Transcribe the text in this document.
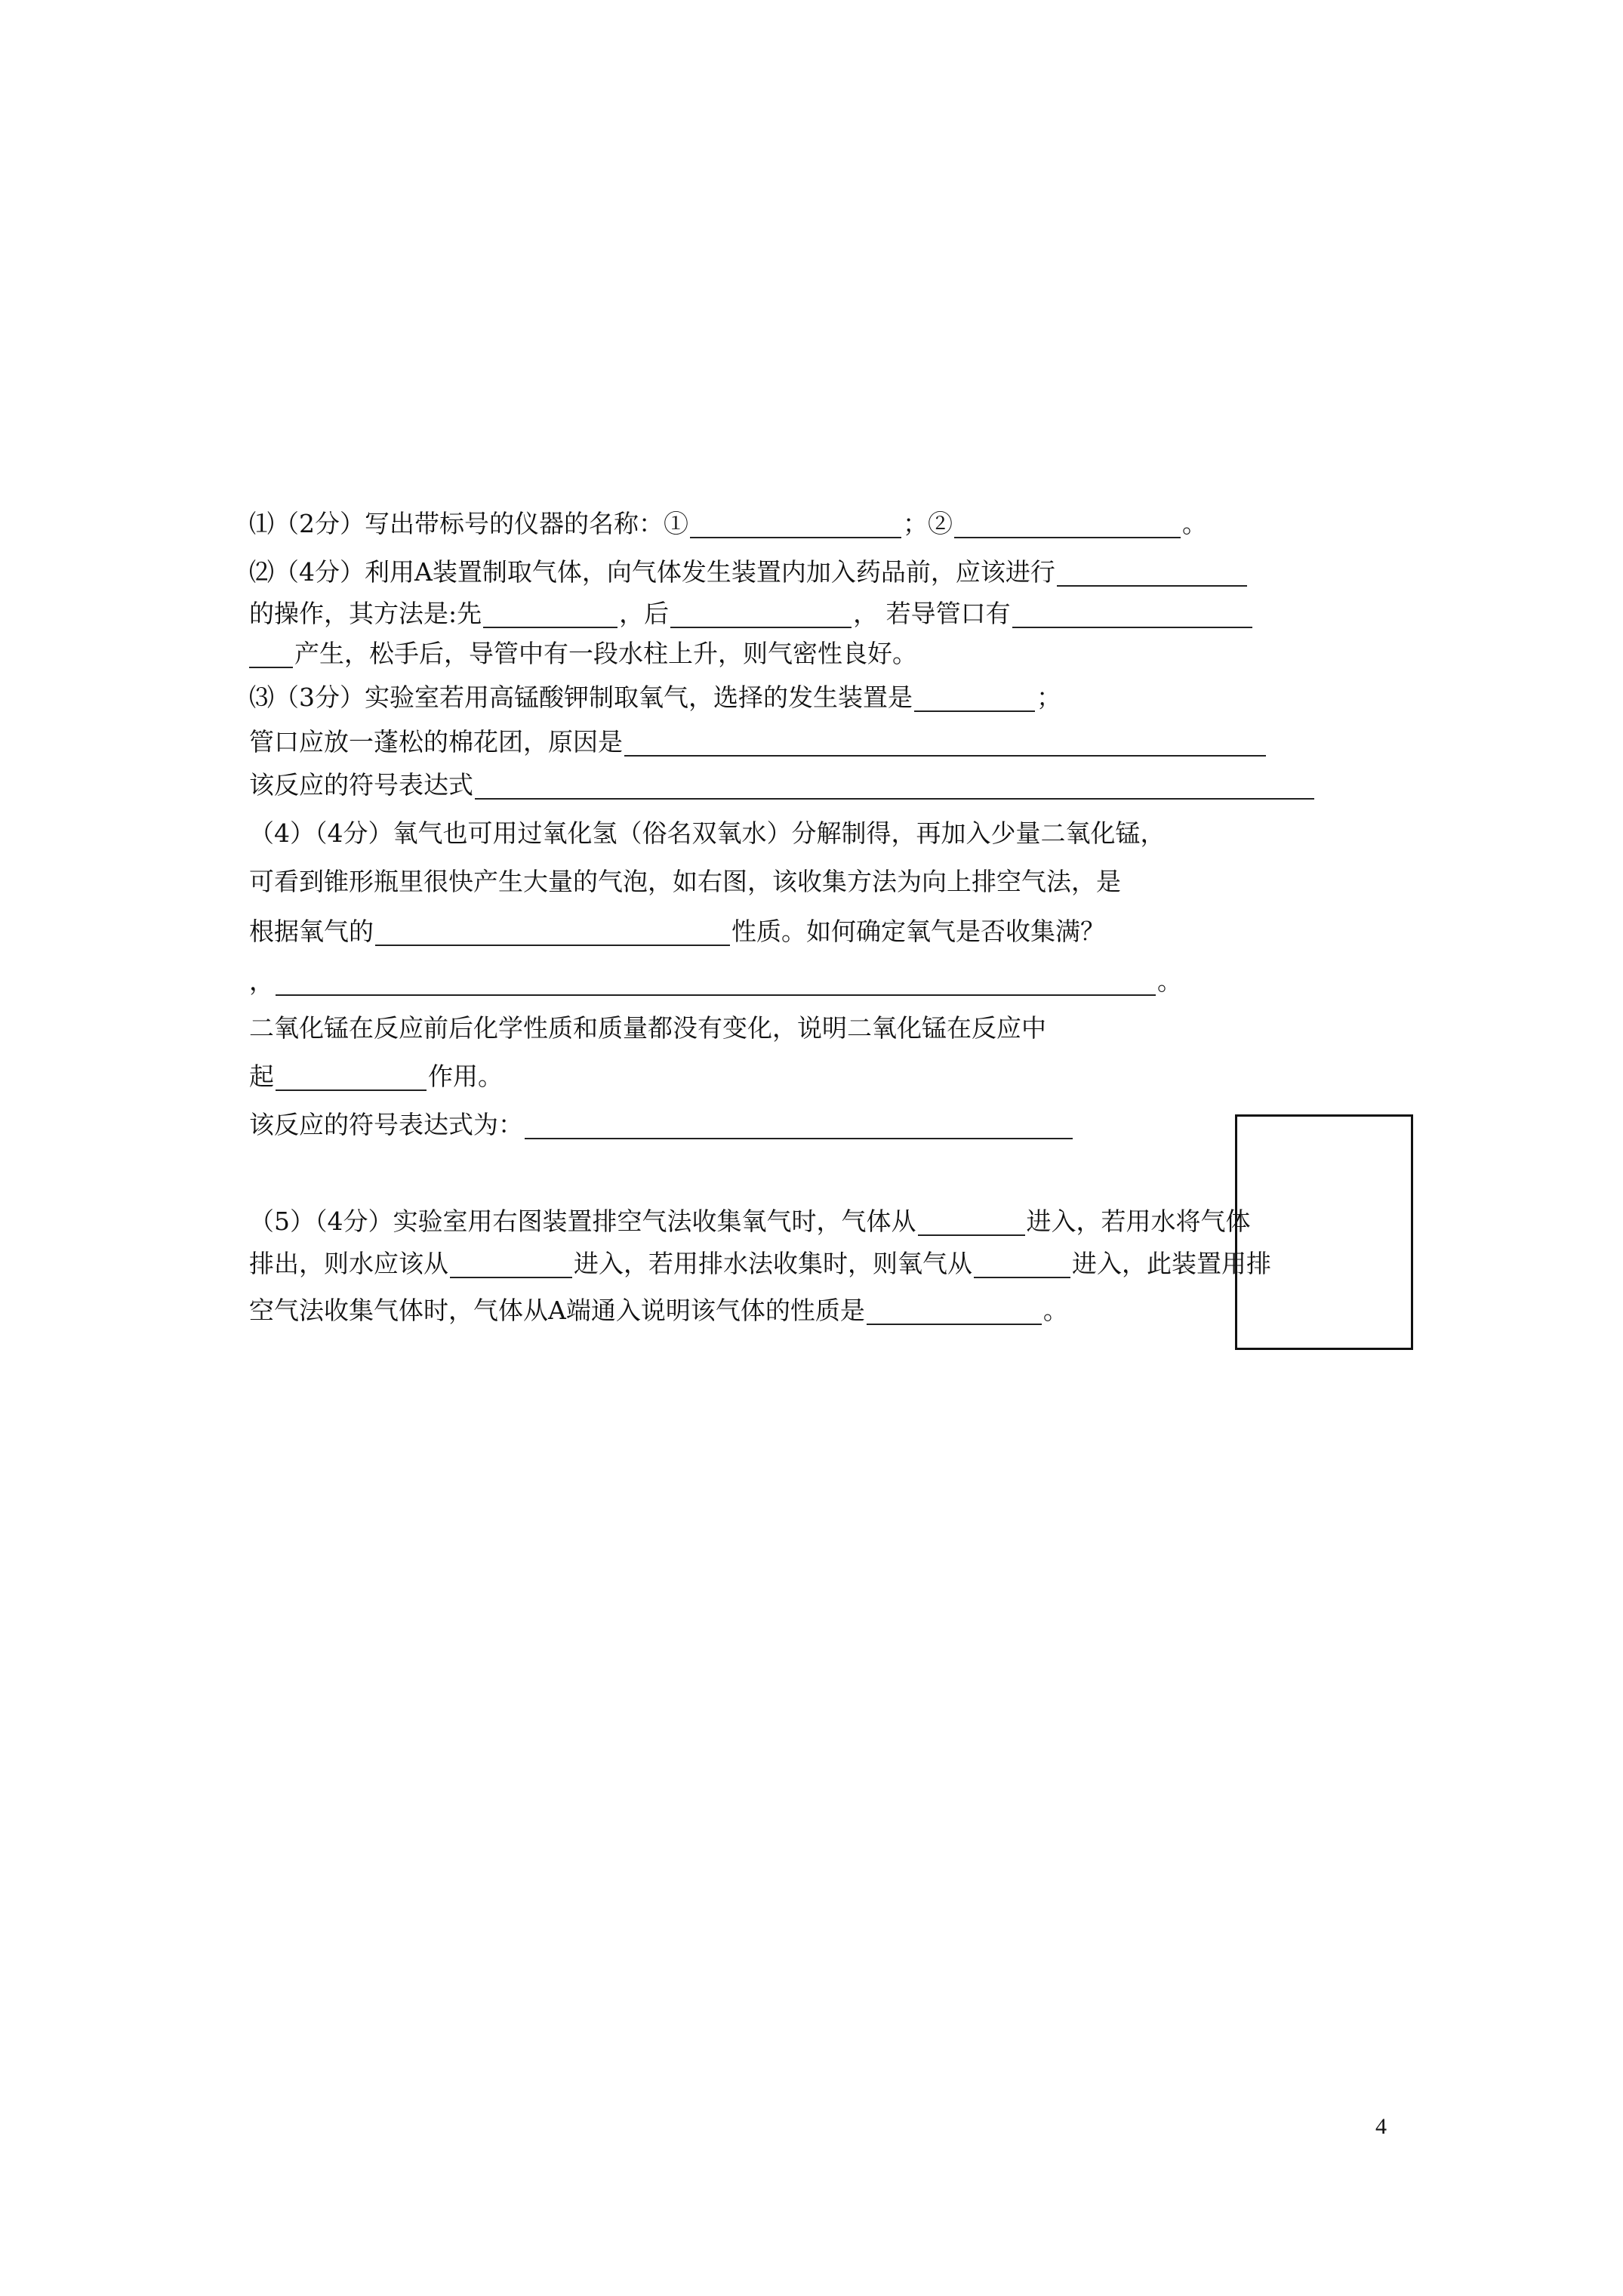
⑴（2分）写出带标号的仪器的名称：①	；②	。
⑵（4分）利用A装置制取气体，向气体发生装置内加入药品前，应该进行
的操作，其方法是:先	，后	， 若导管口有
产生，松手后，导管中有一段水柱上升，则气密性良好。
⑶（3分）实验室若用高锰酸钾制取氧气，选择的发生装置是	；
管口应放一蓬松的棉花团，原因是
该反应的符号表达式
（4）（4分）氧气也可用过氧化氢（俗名双氧水）分解制得，再加入少量二氧化锰，
可看到锥形瓶里很快产生大量的气泡，如右图，该收集方法为向上排空气法，是
根据氧气的	性质。如何确定氧气是否收集满？
，	。
二氧化锰在反应前后化学性质和质量都没有变化，说明二氧化锰在反应中
起	作用。
该反应的符号表达式为：
（5）（4分）实验室用右图装置排空气法收集氧气时，气体从	进入，若用水将气体
排出，则水应该从	进入，若用排水法收集时，则氧气从	进入，此装置用排
空气法收集气体时，气体从A端通入说明该气体的性质是	。
4
